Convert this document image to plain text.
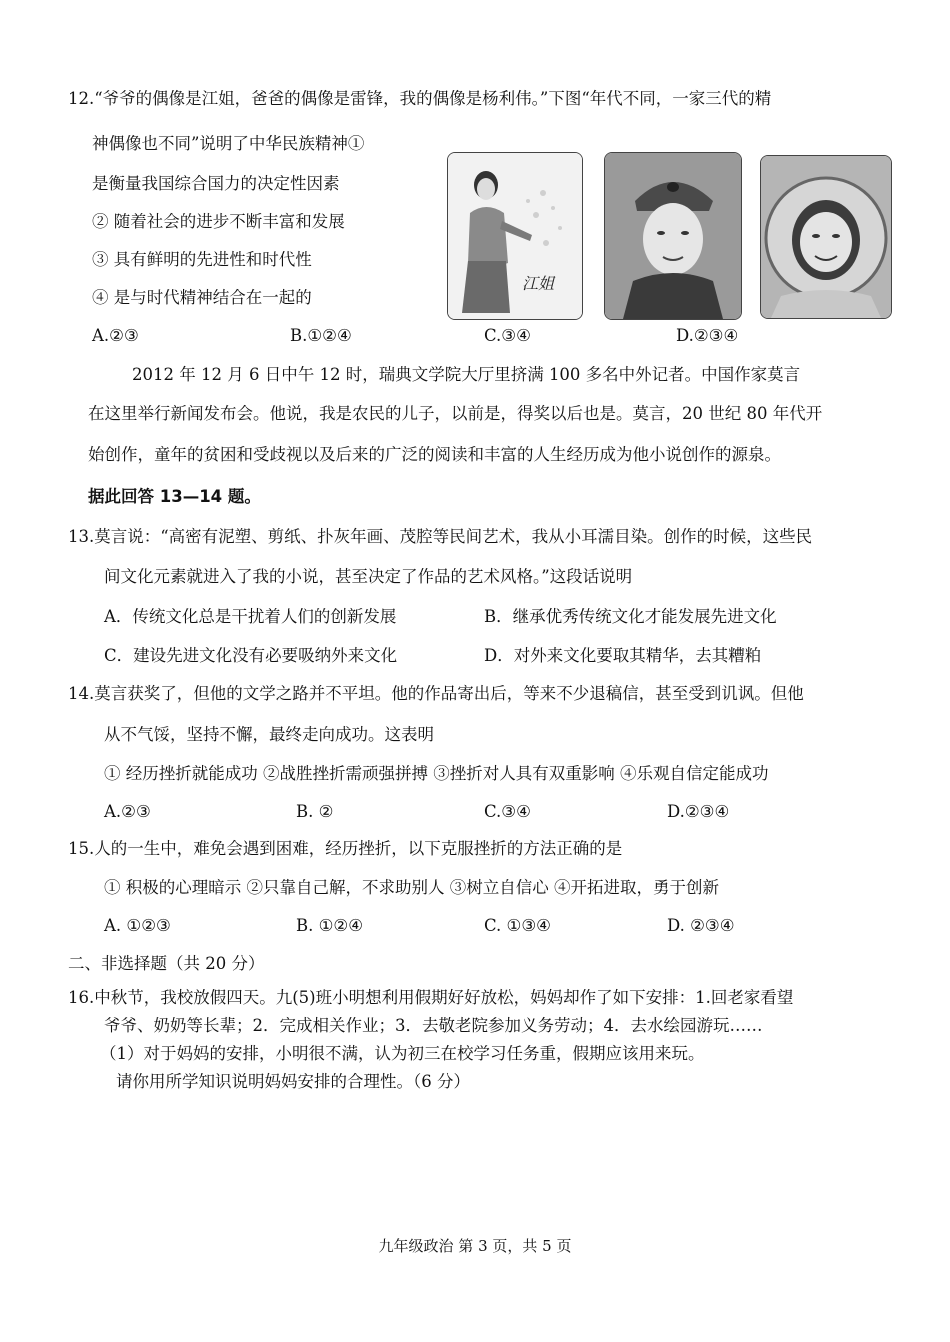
12.“爷爷的偶像是江姐，爸爸的偶像是雷锋，我的偶像是杨利伟。”下图“年代不同，一家三代的精
神偶像也不同”说明了中华民族精神①
是衡量我国综合国力的决定性因素
② 随着社会的进步不断丰富和发展
③ 具有鲜明的先进性和时代性
④ 是与时代精神结合在一起的
江姐
A.②③	B.①②④	C.③④	D.②③④
2012 年 12 月 6 日中午 12 时，瑞典文学院大厅里挤满 100 多名中外记者。中国作家莫言
在这里举行新闻发布会。他说，我是农民的儿子，以前是，得奖以后也是。莫言，20 世纪 80 年代开
始创作，童年的贫困和受歧视以及后来的广泛的阅读和丰富的人生经历成为他小说创作的源泉。
据此回答 13—14 题。
13.莫言说：“高密有泥塑、剪纸、扑灰年画、茂腔等民间艺术，我从小耳濡目染。创作的时候，这些民
间文化元素就进入了我的小说，甚至决定了作品的艺术风格。”这段话说明
A．传统文化总是干扰着人们的创新发展	B．继承优秀传统文化才能发展先进文化
C．建设先进文化没有必要吸纳外来文化	D．对外来文化要取其精华，去其糟粕
14.莫言获奖了，但他的文学之路并不平坦。他的作品寄出后，等来不少退稿信，甚至受到讥讽。但他
从不气馁，坚持不懈，最终走向成功。这表明
① 经历挫折就能成功 ②战胜挫折需顽强拼搏 ③挫折对人具有双重影响 ④乐观自信定能成功
A.②③	B. ②	C.③④	D.②③④
15.人的一生中，难免会遇到困难，经历挫折，以下克服挫折的方法正确的是
① 积极的心理暗示 ②只靠自己解，不求助别人 ③树立自信心 ④开拓进取，勇于创新
A. ①②③	B. ①②④	C. ①③④	D. ②③④
二、非选择题（共 20 分）
16.中秋节，我校放假四天。九(5)班小明想利用假期好好放松，妈妈却作了如下安排：1.回老家看望
爷爷、奶奶等长辈；2．完成相关作业；3．去敬老院参加义务劳动；4．去水绘园游玩……
（1）对于妈妈的安排，小明很不满，认为初三在校学习任务重，假期应该用来玩。
请你用所学知识说明妈妈安排的合理性。（6 分）
九年级政治 第 3 页，共 5 页
